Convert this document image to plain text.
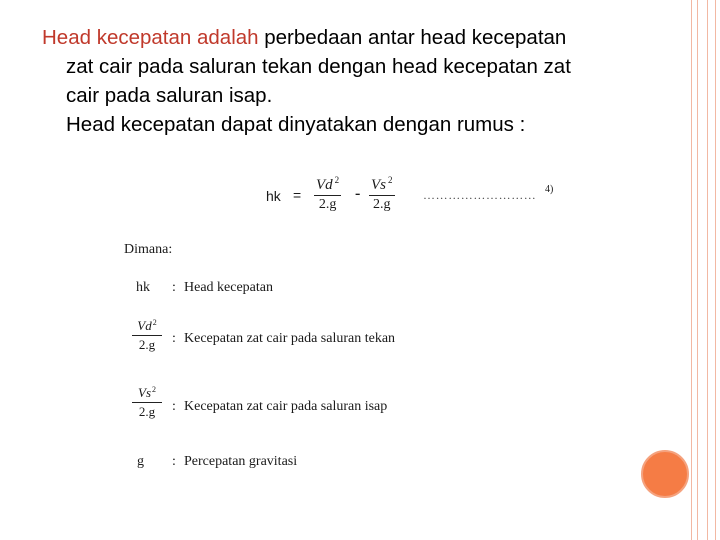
Head kecepatan adalah perbedaan antar head kecepatan
zat cair pada saluran tekan dengan head kecepatan zat
cair pada saluran isap.
Head kecepatan dapat dinyatakan dengan rumus :
hk = $\frac{Vd ^2}{2.g} - \frac{Vs ^2}{2.g}$ ……………………… 4)
Dimana:
hk : Head kecepatan
$\frac{Vd^2}{2.g}$ : Kecepatan zat cair pada saluran tekan
$\frac{Vs^2}{2.g}$ : Kecepatan zat cair pada saluran isap
g : Percepatan gravitasi
